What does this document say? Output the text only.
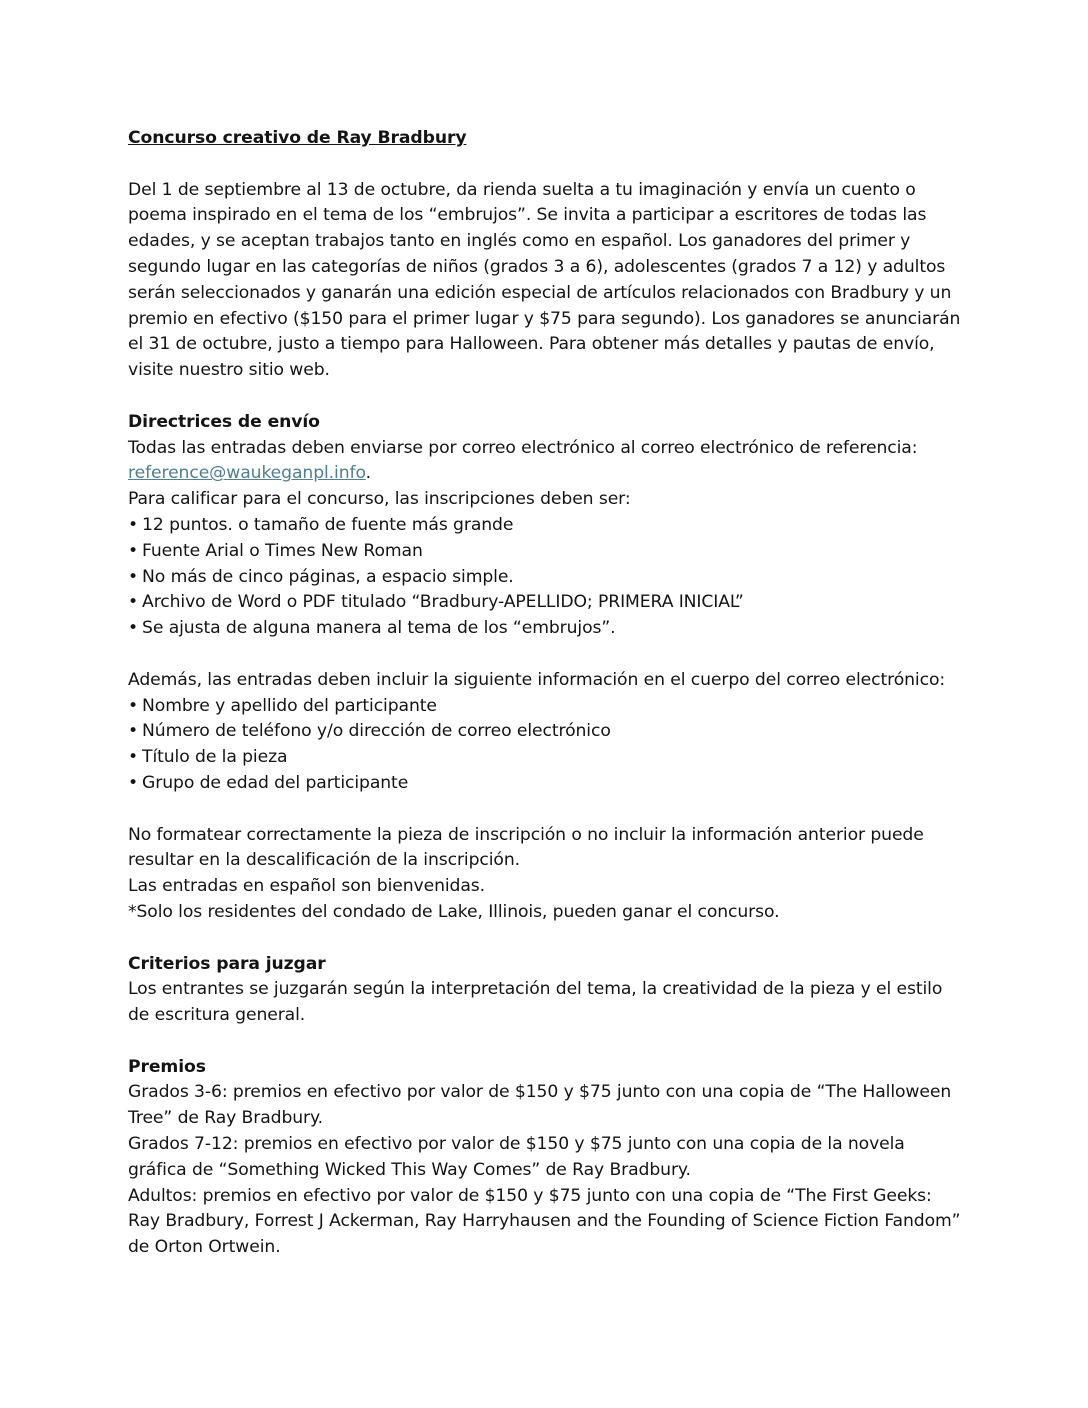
Concurso creativo de Ray Bradbury

Del 1 de septiembre al 13 de octubre, da rienda suelta a tu imaginación y envía un cuento o poema inspirado en el tema de los “embrujos”. Se invita a participar a escritores de todas las edades, y se aceptan trabajos tanto en inglés como en español. Los ganadores del primer y segundo lugar en las categorías de niños (grados 3 a 6), adolescentes (grados 7 a 12) y adultos serán seleccionados y ganarán una edición especial de artículos relacionados con Bradbury y un premio en efectivo ($150 para el primer lugar y $75 para segundo). Los ganadores se anunciarán el 31 de octubre, justo a tiempo para Halloween. Para obtener más detalles y pautas de envío, visite nuestro sitio web.

Directrices de envío

Todas las entradas deben enviarse por correo electrónico al correo electrónico de referencia: reference@waukeganpl.info.

Para calificar para el concurso, las inscripciones deben ser:

• 12 puntos. o tamaño de fuente más grande

• Fuente Arial o Times New Roman

• No más de cinco páginas, a espacio simple.

• Archivo de Word o PDF titulado “Bradbury-APELLIDO; PRIMERA INICIAL”

• Se ajusta de alguna manera al tema de los “embrujos”.

Además, las entradas deben incluir la siguiente información en el cuerpo del correo electrónico:

• Nombre y apellido del participante

• Número de teléfono y/o dirección de correo electrónico

• Título de la pieza

• Grupo de edad del participante

No formatear correctamente la pieza de inscripción o no incluir la información anterior puede resultar en la descalificación de la inscripción.

Las entradas en español son bienvenidas.

*Solo los residentes del condado de Lake, Illinois, pueden ganar el concurso.

Criterios para juzgar

Los entrantes se juzgarán según la interpretación del tema, la creatividad de la pieza y el estilo de escritura general.

Premios

Grados 3-6: premios en efectivo por valor de $150 y $75 junto con una copia de “The Halloween Tree” de Ray Bradbury.

Grados 7-12: premios en efectivo por valor de $150 y $75 junto con una copia de la novela gráfica de “Something Wicked This Way Comes” de Ray Bradbury.

Adultos: premios en efectivo por valor de $150 y $75 junto con una copia de “The First Geeks: Ray Bradbury, Forrest J Ackerman, Ray Harryhausen and the Founding of Science Fiction Fandom” de Orton Ortwein.
